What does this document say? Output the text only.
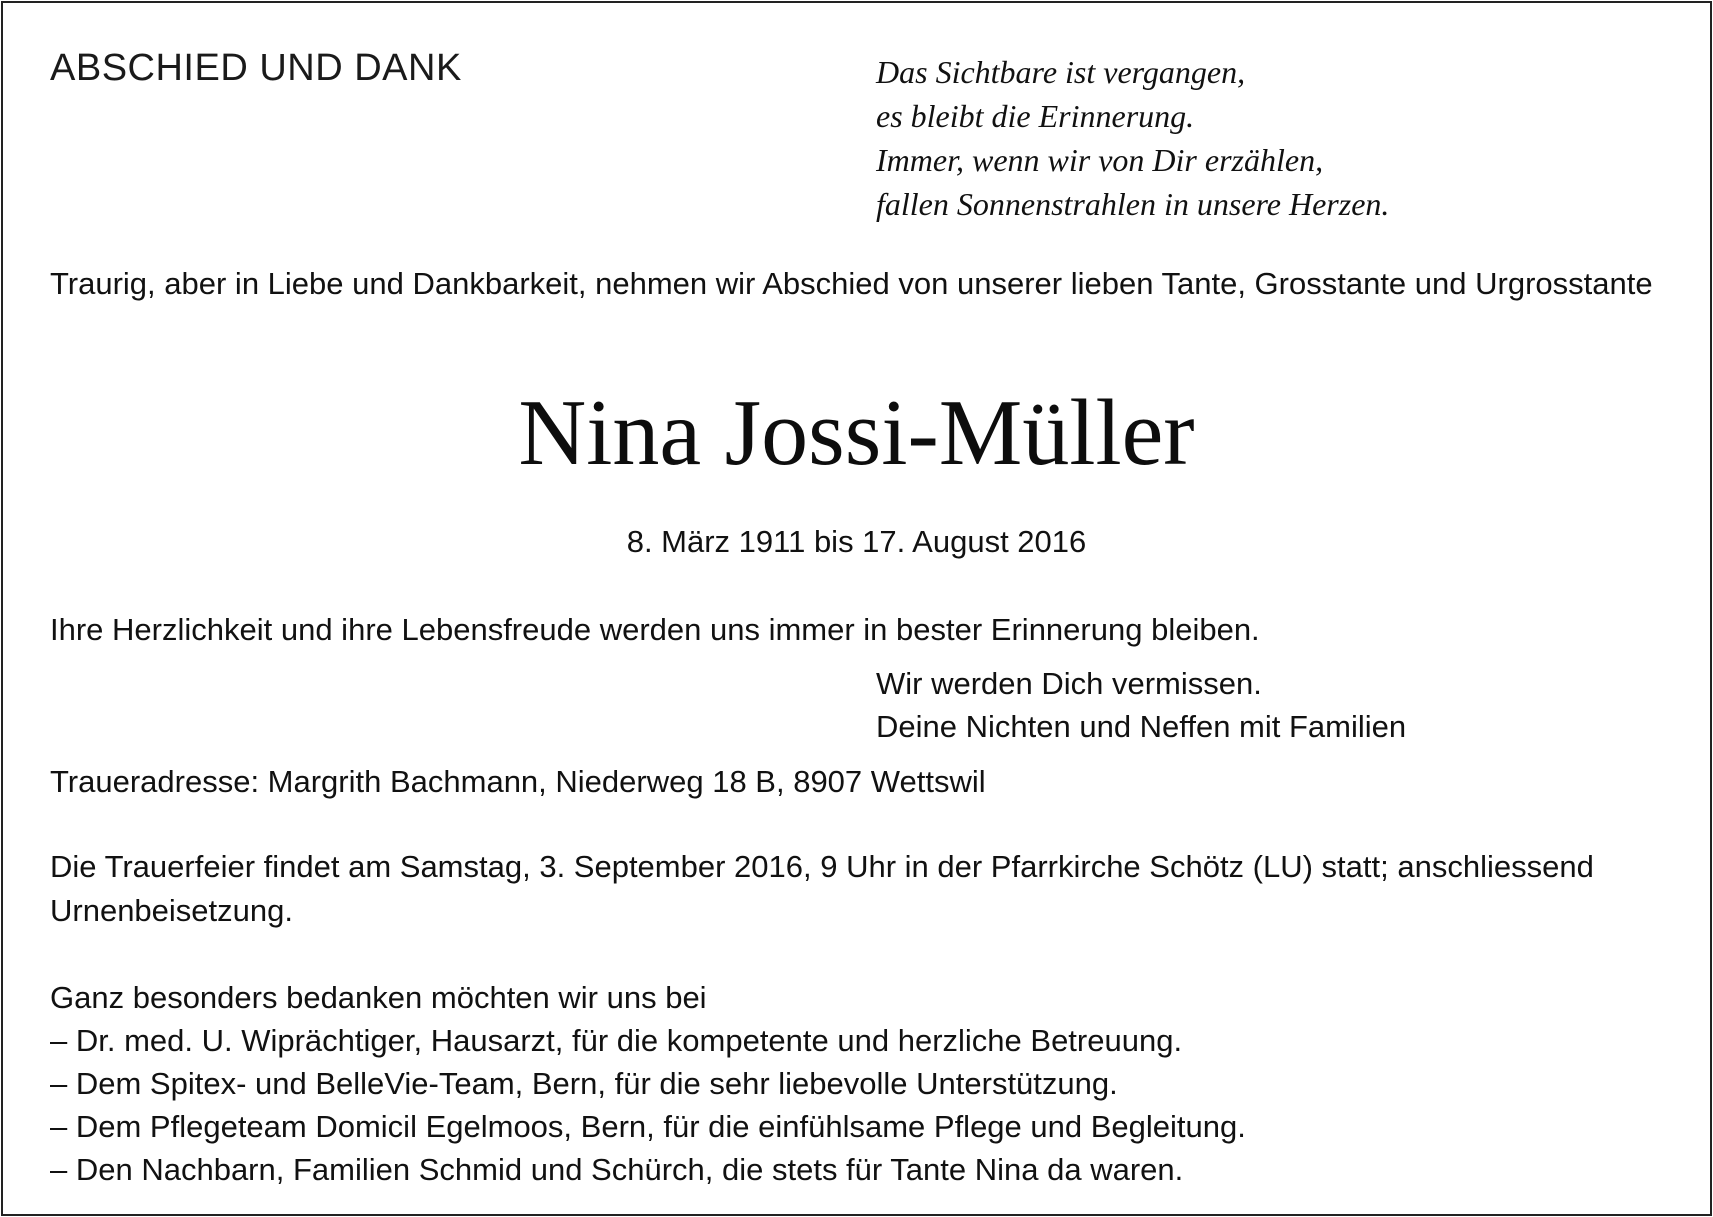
ABSCHIED UND DANK	Das Sichtbare ist vergangen,
es bleibt die Erinnerung.
Immer, wenn wir von Dir erzählen,
fallen Sonnenstrahlen in unsere Herzen.

Traurig, aber in Liebe und Dankbarkeit, nehmen wir Abschied von unserer lieben Tante, Grosstante und Urgrosstante

Nina Jossi-Müller

8. März 1911 bis 17. August 2016

Ihre Herzlichkeit und ihre Lebensfreude werden uns immer in bester Erinnerung bleiben.

Wir werden Dich vermissen.
Deine Nichten und Neffen mit Familien

Traueradresse: Margrith Bachmann, Niederweg 18 B, 8907 Wettswil

Die Trauerfeier findet am Samstag, 3. September 2016, 9 Uhr in der Pfarrkirche Schötz (LU) statt; anschliessend Urnenbeisetzung.

Ganz besonders bedanken möchten wir uns bei
– Dr. med. U. Wiprächtiger, Hausarzt, für die kompetente und herzliche Betreuung.
– Dem Spitex- und BelleVie-Team, Bern, für die sehr liebevolle Unterstützung.
– Dem Pflegeteam Domicil Egelmoos, Bern, für die einfühlsame Pflege und Begleitung.
– Den Nachbarn, Familien Schmid und Schürch, die stets für Tante Nina da waren.
